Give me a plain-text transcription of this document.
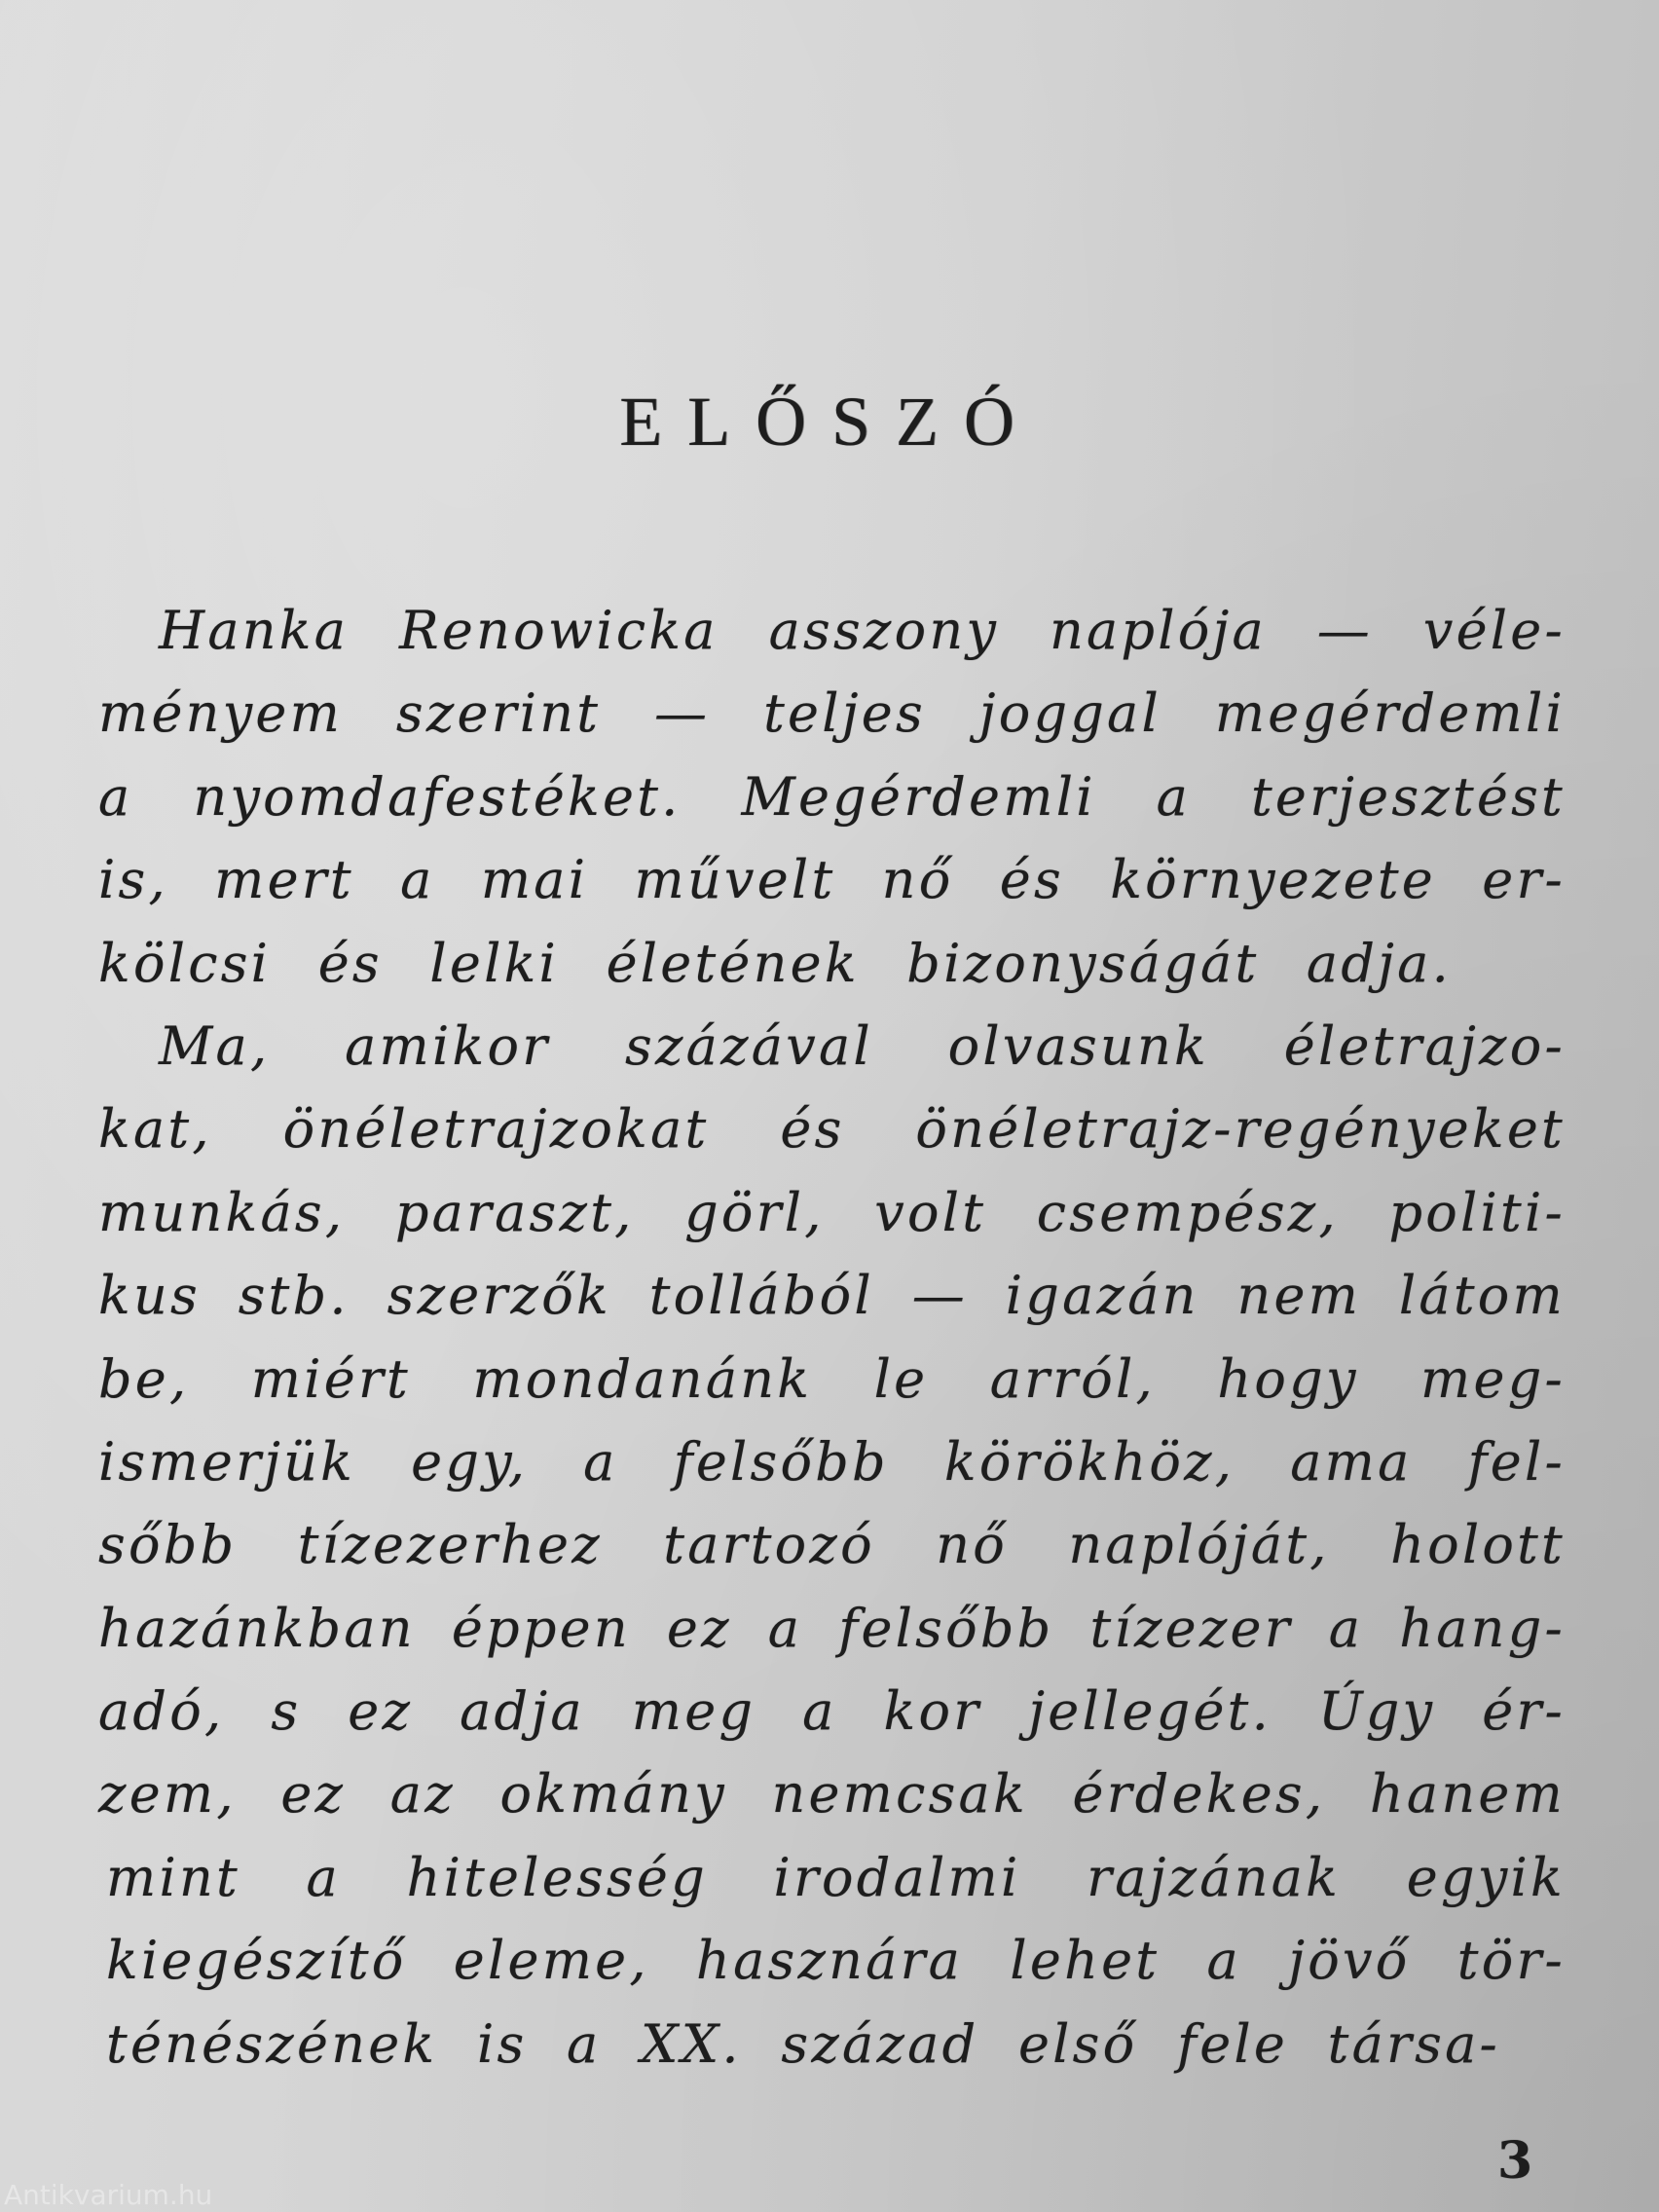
ELŐSZÓ
Hanka Renowicka asszony naplója — véle-
ményem szerint — teljes joggal megérdemli
a nyomdafestéket. Megérdemli a terjesztést
is, mert a mai művelt nő és környezete er-
kölcsi és lelki életének bizonyságát adja.
Ma, amikor százával olvasunk életrajzo-
kat, önéletrajzokat és önéletrajz-regényeket
munkás, paraszt, görl, volt csempész, politi-
kus stb. szerzők tollából — igazán nem látom
be, miért mondanánk le arról, hogy meg-
ismerjük egy, a felsőbb körökhöz, ama fel-
sőbb tízezerhez tartozó nő naplóját, holott
hazánkban éppen ez a felsőbb tízezer a hang-
adó, s ez adja meg a kor jellegét. Úgy ér-
zem, ez az okmány nemcsak érdekes, hanem
mint a hitelesség irodalmi rajzának egyik
kiegészítő eleme, hasznára lehet a jövő tör-
ténészének is a XX. század első fele társa-
3
Antikvarium.hu
